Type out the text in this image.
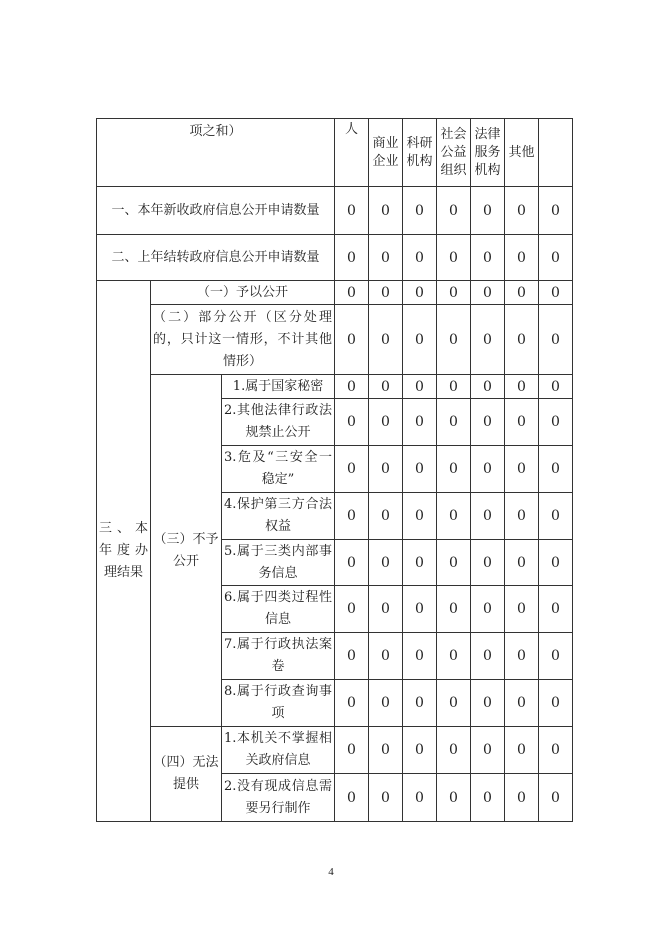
项之和）			人	商业企业	科研机构	社会公益组织	法律服务机构	其他	
一、本年新收政府信息公开申请数量			0	0	0	0	0	0	0
二、上年结转政府信息公开申请数量			0	0	0	0	0	0	0
三、本年度办理结果	（一）予以公开		0	0	0	0	0	0	0
	（二）部分公开（区分处理的，只计这一情形，不计其他情形）		0	0	0	0	0	0	0
	（三）不予公开	1.属于国家秘密	0	0	0	0	0	0	0
		2.其他法律行政法规禁止公开	0	0	0	0	0	0	0
		3.危及“三安全一稳定”	0	0	0	0	0	0	0
		4.保护第三方合法权益	0	0	0	0	0	0	0
		5.属于三类内部事务信息	0	0	0	0	0	0	0
		6.属于四类过程性信息	0	0	0	0	0	0	0
		7.属于行政执法案卷	0	0	0	0	0	0	0
		8.属于行政查询事项	0	0	0	0	0	0	0
	（四）无法提供	1.本机关不掌握相关政府信息	0	0	0	0	0	0	0
		2.没有现成信息需要另行制作	0	0	0	0	0	0	0
4
